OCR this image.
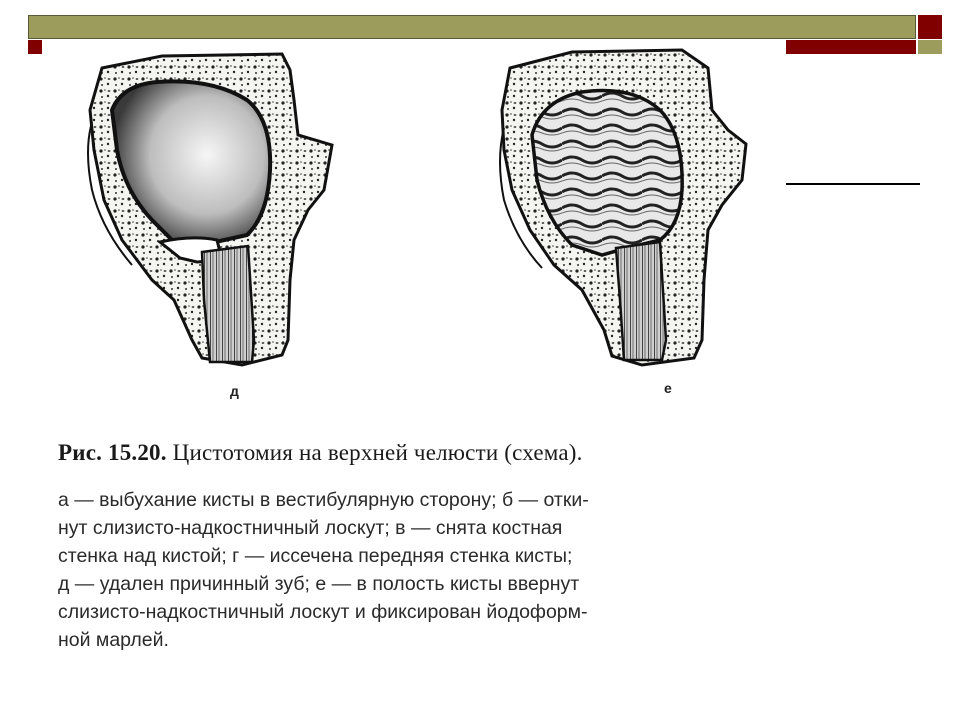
д	е
Рис. 15.20. Цистотомия на верхней челюсти (схема).
а — выбухание кисты в вестибулярную сторону; б — отки-
нут слизисто-надкостничный лоскут; в — снята костная
стенка над кистой; г — иссечена передняя стенка кисты;
д — удален причинный зуб; е — в полость кисты ввернут
слизисто-надкостничный лоскут и фиксирован йодоформ-
ной марлей.
